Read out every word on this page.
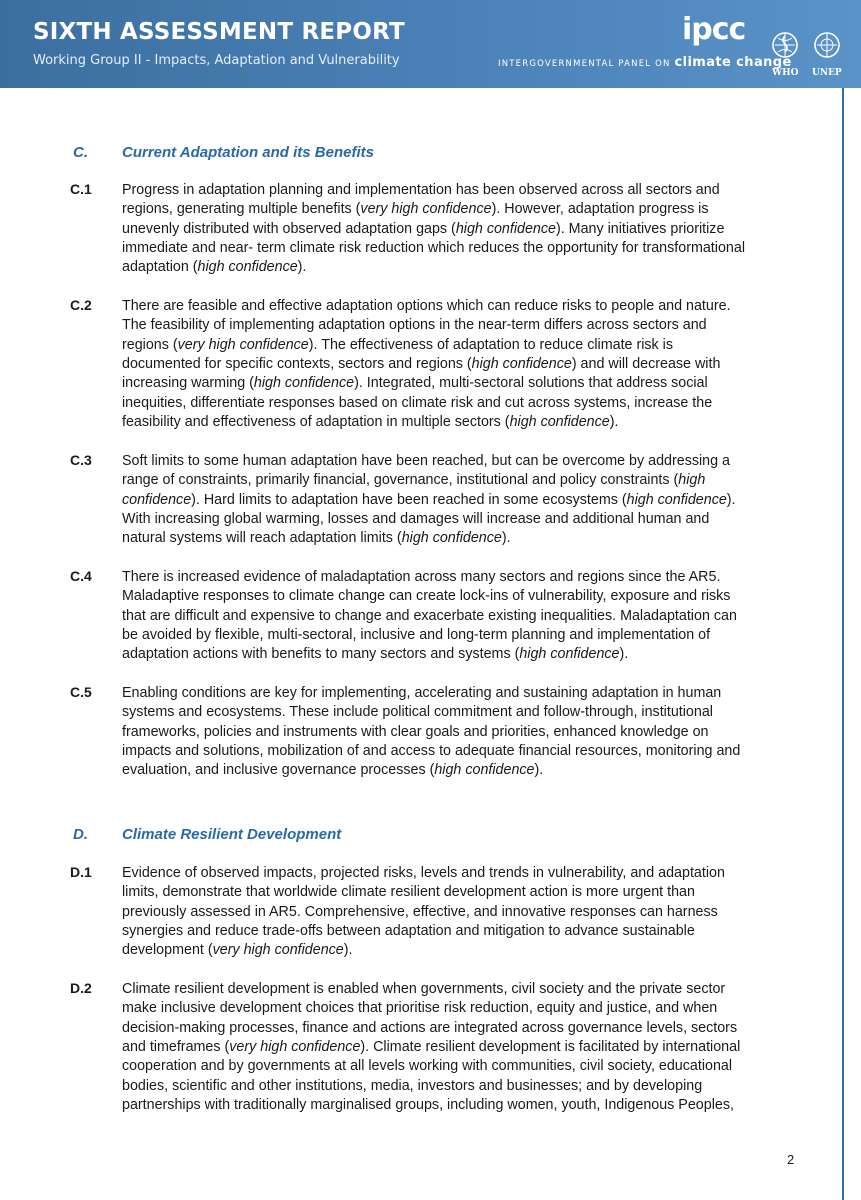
SIXTH ASSESSMENT REPORT
Working Group II - Impacts, Adaptation and Vulnerability
ipcc
INTERGOVERNMENTAL PANEL ON climate change
WHO UNEP
C. Current Adaptation and its Benefits
C.1 Progress in adaptation planning and implementation has been observed across all sectors and
regions, generating multiple benefits (very high confidence). However, adaptation progress is
unevenly distributed with observed adaptation gaps (high confidence). Many initiatives prioritize
immediate and near- term climate risk reduction which reduces the opportunity for transformational
adaptation (high confidence).
C.2 There are feasible and effective adaptation options which can reduce risks to people and nature.
The feasibility of implementing adaptation options in the near-term differs across sectors and
regions (very high confidence). The effectiveness of adaptation to reduce climate risk is
documented for specific contexts, sectors and regions (high confidence) and will decrease with
increasing warming (high confidence). Integrated, multi-sectoral solutions that address social
inequities, differentiate responses based on climate risk and cut across systems, increase the
feasibility and effectiveness of adaptation in multiple sectors (high confidence).
C.3 Soft limits to some human adaptation have been reached, but can be overcome by addressing a
range of constraints, primarily financial, governance, institutional and policy constraints (high
confidence). Hard limits to adaptation have been reached in some ecosystems (high confidence).
With increasing global warming, losses and damages will increase and additional human and
natural systems will reach adaptation limits (high confidence).
C.4 There is increased evidence of maladaptation across many sectors and regions since the AR5.
Maladaptive responses to climate change can create lock-ins of vulnerability, exposure and risks
that are difficult and expensive to change and exacerbate existing inequalities. Maladaptation can
be avoided by flexible, multi-sectoral, inclusive and long-term planning and implementation of
adaptation actions with benefits to many sectors and systems (high confidence).
C.5 Enabling conditions are key for implementing, accelerating and sustaining adaptation in human
systems and ecosystems. These include political commitment and follow-through, institutional
frameworks, policies and instruments with clear goals and priorities, enhanced knowledge on
impacts and solutions, mobilization of and access to adequate financial resources, monitoring and
evaluation, and inclusive governance processes (high confidence).
D. Climate Resilient Development
D.1 Evidence of observed impacts, projected risks, levels and trends in vulnerability, and adaptation
limits, demonstrate that worldwide climate resilient development action is more urgent than
previously assessed in AR5. Comprehensive, effective, and innovative responses can harness
synergies and reduce trade-offs between adaptation and mitigation to advance sustainable
development (very high confidence).
D.2 Climate resilient development is enabled when governments, civil society and the private sector
make inclusive development choices that prioritise risk reduction, equity and justice, and when
decision-making processes, finance and actions are integrated across governance levels, sectors
and timeframes (very high confidence). Climate resilient development is facilitated by international
cooperation and by governments at all levels working with communities, civil society, educational
bodies, scientific and other institutions, media, investors and businesses; and by developing
partnerships with traditionally marginalised groups, including women, youth, Indigenous Peoples,
2
